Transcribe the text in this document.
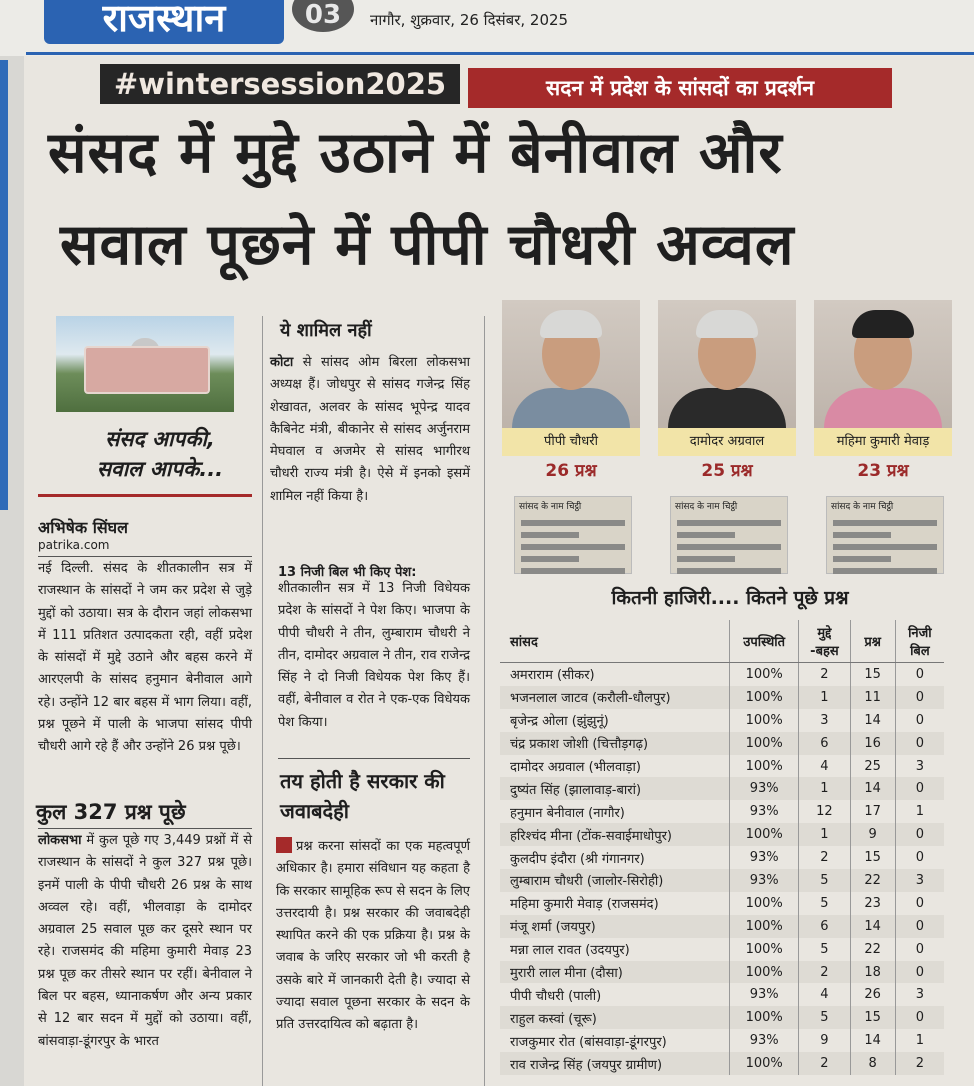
राजस्थान	03	नागौर, शुक्रवार, 26 दिसंबर, 2025
#wintersession2025	सदन में प्रदेश के सांसदों का प्रदर्शन
संसद में मुद्दे उठाने में बेनीवाल और
सवाल पूछने में पीपी चौधरी अव्वल
संसद आपकी,
सवाल आपके...
अभिषेक सिंघल
patrika.com
नई दिल्ली. संसद के शीतकालीन सत्र में राजस्थान के सांसदों ने जम कर प्रदेश से जुड़े मुद्दों को उठाया। सत्र के दौरान जहां लोकसभा में 111 प्रतिशत उत्पादकता रही, वहीं प्रदेश के सांसदों में मुद्दे उठाने और बहस करने में आरएलपी के सांसद हनुमान बेनीवाल आगे रहे। उन्होंने 12 बार बहस में भाग लिया। वहीं, प्रश्न पूछने में पाली के भाजपा सांसद पीपी चौधरी आगे रहे हैं और उन्होंने 26 प्रश्न पूछे।
कुल 327 प्रश्न पूछे
लोकसभा में कुल पूछे गए 3,449 प्रश्नों में से राजस्थान के सांसदों ने कुल 327 प्रश्न पूछे। इनमें पाली के पीपी चौधरी 26 प्रश्न के साथ अव्वल रहे। वहीं, भीलवाड़ा के दामोदर अग्रवाल 25 सवाल पूछ कर दूसरे स्थान पर रहे। राजसमंद की महिमा कुमारी मेवाड़ 23 प्रश्न पूछ कर तीसरे स्थान पर रहीं। बेनीवाल ने बिल पर बहस, ध्यानाकर्षण और अन्य प्रकार से 12 बार सदन में मुद्दों को उठाया। वहीं, बांसवाड़ा-डूंगरपुर के भारत
ये शामिल नहीं
कोटा से सांसद ओम बिरला लोकसभा अध्यक्ष हैं। जोधपुर से सांसद गजेन्द्र सिंह शेखावत, अलवर के सांसद भूपेन्द्र यादव कैबिनेट मंत्री, बीकानेर से सांसद अर्जुनराम मेघवाल व अजमेर से सांसद भागीरथ चौधरी राज्य मंत्री है। ऐसे में इनको इसमें शामिल नहीं किया है।
13 निजी बिल भी किए पेश:
शीतकालीन सत्र में 13 निजी विधेयक प्रदेश के सांसदों ने पेश किए। भाजपा के पीपी चौधरी ने तीन, लुम्बाराम चौधरी ने तीन, दामोदर अग्रवाल ने तीन, राव राजेन्द्र सिंह ने दो निजी विधेयक पेश किए हैं। वहीं, बेनीवाल व रोत ने एक-एक विधेयक पेश किया।
तय होती है सरकार की जवाबदेही
प्रश्न करना सांसदों का एक महत्वपूर्ण अधिकार है। हमारा संविधान यह कहता है कि सरकार सामूहिक रूप से सदन के लिए उत्तरदायी है। प्रश्न सरकार की जवाबदेही स्थापित करने की एक प्रक्रिया है। प्रश्न के जवाब के जरिए सरकार जो भी करती है उसके बारे में जानकारी देती है। ज्यादा से ज्यादा सवाल पूछना सरकार के सदन के प्रति उत्तरदायित्व को बढ़ाता है।
पीपी चौधरी	दामोदर अग्रवाल	महिमा कुमारी मेवाड़
26 प्रश्न	25 प्रश्न	23 प्रश्न
सांसद के नाम चिट्ठी	सांसद के नाम चिट्ठी	सांसद के नाम चिट्ठी
कितनी हाजिरी.... कितने पूछे प्रश्न
सांसद	उपस्थिति	मुद्दे -बहस	प्रश्न	निजी बिल
अमराराम (सीकर)	100%	2	15	0
भजनलाल जाटव (करौली-धौलपुर)	100%	1	11	0
बृजेन्द्र ओला (झुंझुनूं)	100%	3	14	0
चंद्र प्रकाश जोशी (चित्तौड़गढ़)	100%	6	16	0
दामोदर अग्रवाल (भीलवाड़ा)	100%	4	25	3
दुष्यंत सिंह (झालावाड़-बारां)	93%	1	14	0
हनुमान बेनीवाल (नागौर)	93%	12	17	1
हरिश्चंद मीना (टोंक-सवाईमाधोपुर)	100%	1	9	0
कुलदीप इंदौरा (श्री गंगानगर)	93%	2	15	0
लुम्बाराम चौधरी (जालोर-सिरोही)	93%	5	22	3
महिमा कुमारी मेवाड़ (राजसमंद)	100%	5	23	0
मंजू शर्मा (जयपुर)	100%	6	14	0
मन्ना लाल रावत (उदयपुर)	100%	5	22	0
मुरारी लाल मीना (दौसा)	100%	2	18	0
पीपी चौधरी (पाली)	93%	4	26	3
राहुल कस्वां (चूरू)	100%	5	15	0
राजकुमार रोत (बांसवाड़ा-डूंगरपुर)	93%	9	14	1
राव राजेन्द्र सिंह (जयपुर ग्रामीण)	100%	2	8	2
